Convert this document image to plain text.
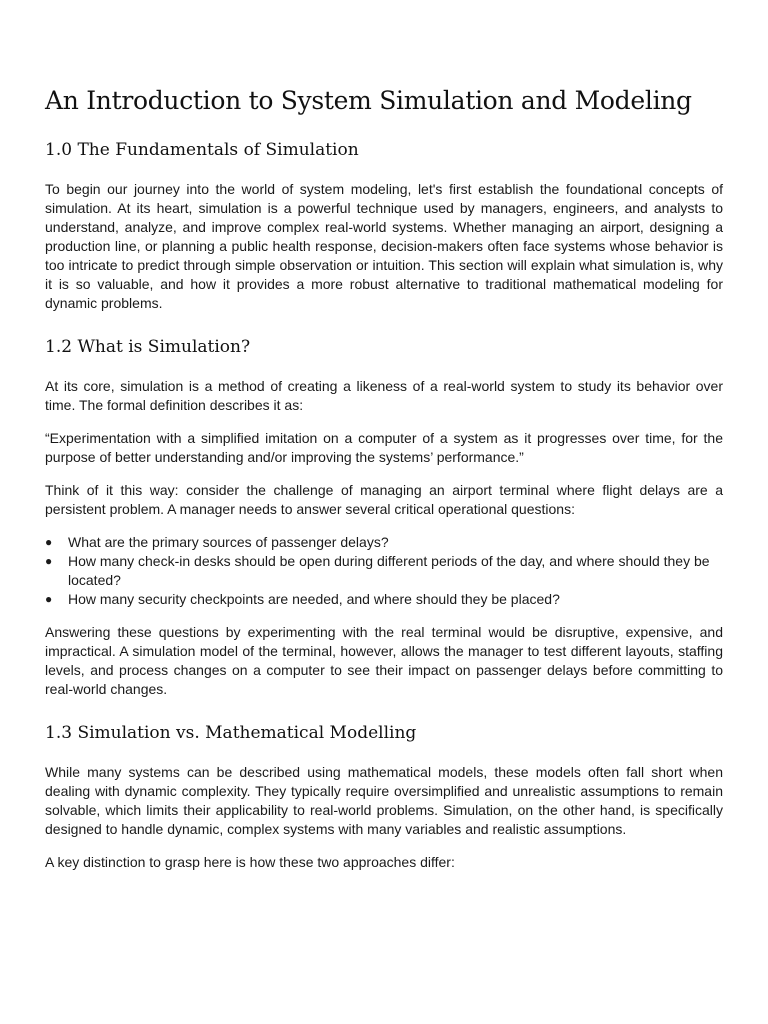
An Introduction to System Simulation and Modeling
1.0 The Fundamentals of Simulation

To begin our journey into the world of system modeling, let's first establish the foundational concepts of simulation. At its heart, simulation is a powerful technique used by managers, engineers, and analysts to understand, analyze, and improve complex real-world systems. Whether managing an airport, designing a production line, or planning a public health response, decision-makers often face systems whose behavior is too intricate to predict through simple observation or intuition. This section will explain what simulation is, why it is so valuable, and how it provides a more robust alternative to traditional mathematical modeling for dynamic problems.

1.2 What is Simulation?

At its core, simulation is a method of creating a likeness of a real-world system to study its behavior over time. The formal definition describes it as:

“Experimentation with a simplified imitation on a computer of a system as it progresses over time, for the purpose of better understanding and/or improving the systems’ performance.”

Think of it this way: consider the challenge of managing an airport terminal where flight delays are a persistent problem. A manager needs to answer several critical operational questions:

● What are the primary sources of passenger delays?
● How many check-in desks should be open during different periods of the day, and where should they be located?
● How many security checkpoints are needed, and where should they be placed?

Answering these questions by experimenting with the real terminal would be disruptive, expensive, and impractical. A simulation model of the terminal, however, allows the manager to test different layouts, staffing levels, and process changes on a computer to see their impact on passenger delays before committing to real-world changes.

1.3 Simulation vs. Mathematical Modelling

While many systems can be described using mathematical models, these models often fall short when dealing with dynamic complexity. They typically require oversimplified and unrealistic assumptions to remain solvable, which limits their applicability to real-world problems. Simulation, on the other hand, is specifically designed to handle dynamic, complex systems with many variables and realistic assumptions.

A key distinction to grasp here is how these two approaches differ:
